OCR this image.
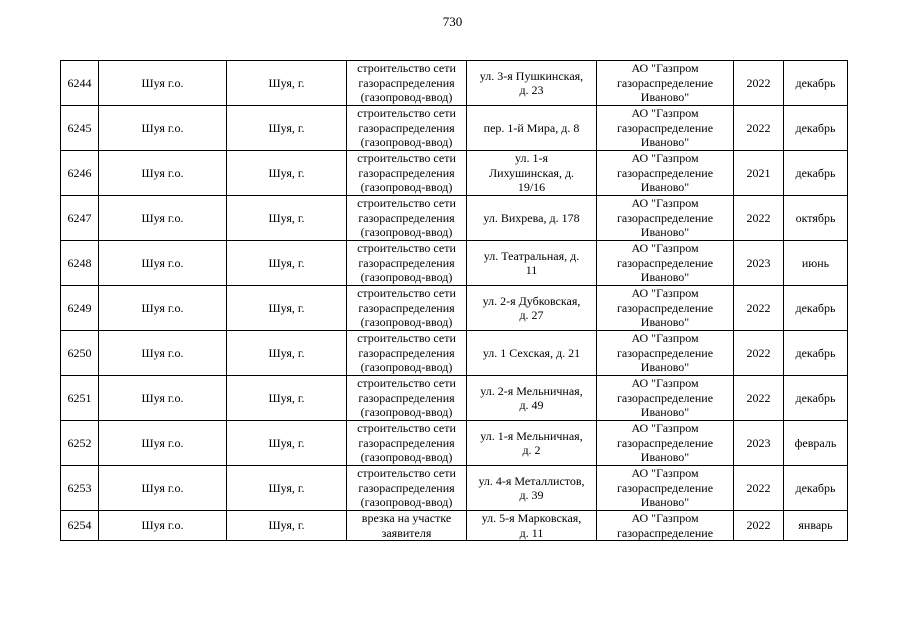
730
6244	Шуя г.о.	Шуя, г.	строительство сети
газораспределения
(газопровод-ввод)	ул. 3-я Пушкинская,
д. 23	АО "Газпром
газораспределение
Иваново"	2022	декабрь
6245	Шуя г.о.	Шуя, г.	строительство сети
газораспределения
(газопровод-ввод)	пер. 1-й Мира, д. 8	АО "Газпром
газораспределение
Иваново"	2022	декабрь
6246	Шуя г.о.	Шуя, г.	строительство сети
газораспределения
(газопровод-ввод)	ул. 1-я
Лихушинская, д.
19/16	АО "Газпром
газораспределение
Иваново"	2021	декабрь
6247	Шуя г.о.	Шуя, г.	строительство сети
газораспределения
(газопровод-ввод)	ул. Вихрева, д. 178	АО "Газпром
газораспределение
Иваново"	2022	октябрь
6248	Шуя г.о.	Шуя, г.	строительство сети
газораспределения
(газопровод-ввод)	ул. Театральная, д.
11	АО "Газпром
газораспределение
Иваново"	2023	июнь
6249	Шуя г.о.	Шуя, г.	строительство сети
газораспределения
(газопровод-ввод)	ул. 2-я Дубковская,
д. 27	АО "Газпром
газораспределение
Иваново"	2022	декабрь
6250	Шуя г.о.	Шуя, г.	строительство сети
газораспределения
(газопровод-ввод)	ул. 1 Сехская, д. 21	АО "Газпром
газораспределение
Иваново"	2022	декабрь
6251	Шуя г.о.	Шуя, г.	строительство сети
газораспределения
(газопровод-ввод)	ул. 2-я Мельничная,
д. 49	АО "Газпром
газораспределение
Иваново"	2022	декабрь
6252	Шуя г.о.	Шуя, г.	строительство сети
газораспределения
(газопровод-ввод)	ул. 1-я Мельничная,
д. 2	АО "Газпром
газораспределение
Иваново"	2023	февраль
6253	Шуя г.о.	Шуя, г.	строительство сети
газораспределения
(газопровод-ввод)	ул. 4-я Металлистов,
д. 39	АО "Газпром
газораспределение
Иваново"	2022	декабрь
6254	Шуя г.о.	Шуя, г.	врезка на участке
заявителя	ул. 5-я Марковская,
д. 11	АО "Газпром
газораспределение	2022	январь
